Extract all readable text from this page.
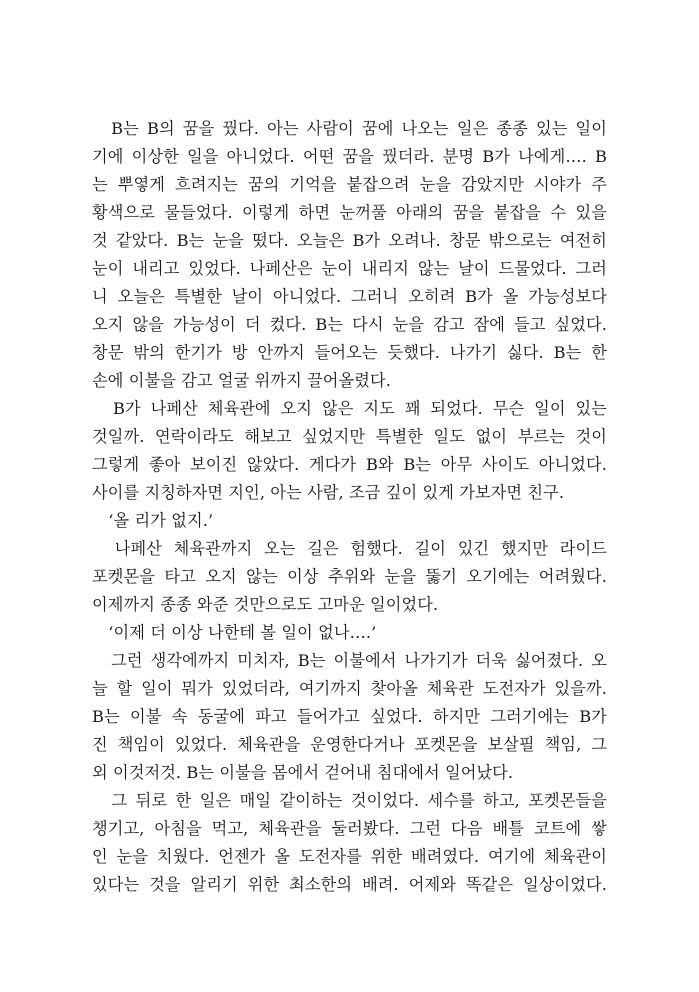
　B는 B의 꿈을 꿨다. 아는 사람이 꿈에 나오는 일은 종종 있는 일이
기에 이상한 일을 아니었다. 어떤 꿈을 꿨더라. 분명 B가 나에게…. B
는 뿌옇게 흐려지는 꿈의 기억을 붙잡으려 눈을 감았지만 시야가 주
황색으로 물들었다. 이렇게 하면 눈꺼풀 아래의 꿈을 붙잡을 수 있을
것 같았다. B는 눈을 떴다. 오늘은 B가 오려나. 창문 밖으로는 여전히
눈이 내리고 있었다. 나페산은 눈이 내리지 않는 날이 드물었다. 그러
니 오늘은 특별한 날이 아니었다. 그러니 오히려 B가 올 가능성보다
오지 않을 가능성이 더 컸다. B는 다시 눈을 감고 잠에 들고 싶었다.
창문 밖의 한기가 방 안까지 들어오는 듯했다. 나가기 싫다. B는 한
손에 이불을 감고 얼굴 위까지 끌어올렸다.
　B가 나페산 체육관에 오지 않은 지도 꽤 되었다. 무슨 일이 있는
것일까. 연락이라도 해보고 싶었지만 특별한 일도 없이 부르는 것이
그렇게 좋아 보이진 않았다. 게다가 B와 B는 아무 사이도 아니었다.
사이를 지칭하자면 지인, 아는 사람, 조금 깊이 있게 가보자면 친구.
　‘올 리가 없지.’
　나페산 체육관까지 오는 길은 험했다. 길이 있긴 했지만 라이드
포켓몬을 타고 오지 않는 이상 추위와 눈을 뚫기 오기에는 어려웠다.
이제까지 종종 와준 것만으로도 고마운 일이었다.
　‘이제 더 이상 나한테 볼 일이 없나….’
　그런 생각에까지 미치자, B는 이불에서 나가기가 더욱 싫어졌다. 오
늘 할 일이 뭐가 있었더라, 여기까지 찾아올 체육관 도전자가 있을까.
B는 이불 속 동굴에 파고 들어가고 싶었다. 하지만 그러기에는 B가
진 책임이 있었다. 체육관을 운영한다거나 포켓몬을 보살필 책임, 그
외 이것저것. B는 이불을 몸에서 걷어내 침대에서 일어났다.
　그 뒤로 한 일은 매일 같이하는 것이었다. 세수를 하고, 포켓몬들을
챙기고, 아침을 먹고, 체육관을 둘러봤다. 그런 다음 배틀 코트에 쌓
인 눈을 치웠다. 언젠가 올 도전자를 위한 배려였다. 여기에 체육관이
있다는 것을 알리기 위한 최소한의 배려. 어제와 똑같은 일상이었다.
